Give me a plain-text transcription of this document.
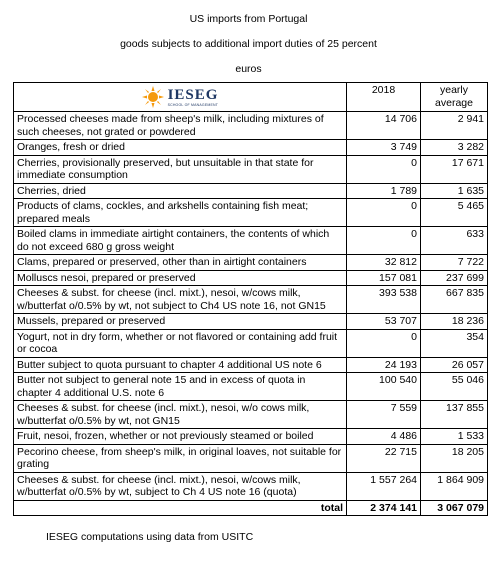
US imports from Portugal
goods subjects to additional import duties of 25 percent
euros
IESEG
SCHOOL OF MANAGEMENT	2018	yearly average
Processed cheeses made from sheep's milk, including mixtures of such cheeses, not grated or powdered	14 706	2 941
Oranges, fresh or dried	3 749	3 282
Cherries, provisionally preserved, but unsuitable in that state for immediate consumption	0	17 671
Cherries, dried	1 789	1 635
Products of clams, cockles, and arkshells containing fish meat; prepared meals	0	5 465
Boiled clams in immediate airtight containers, the contents of which do not exceed 680 g gross weight	0	633
Clams, prepared or preserved, other than in airtight containers	32 812	7 722
Molluscs nesoi, prepared or preserved	157 081	237 699
Cheeses & subst. for cheese (incl. mixt.), nesoi, w/cows milk, w/butterfat o/0.5% by wt, not subject to Ch4 US note 16, not GN15	393 538	667 835
Mussels, prepared or preserved	53 707	18 236
Yogurt, not in dry form, whether or not flavored or containing add fruit or cocoa	0	354
Butter subject to quota pursuant to chapter 4 additional US note 6	24 193	26 057
Butter not subject to general note 15 and in excess of quota in chapter 4 additional U.S. note 6	100 540	55 046
Cheeses & subst. for cheese (incl. mixt.), nesoi, w/o cows milk, w/butterfat o/0.5% by wt, not GN15	7 559	137 855
Fruit, nesoi, frozen, whether or not previously steamed or boiled	4 486	1 533
Pecorino cheese, from sheep's milk, in original loaves, not suitable for grating	22 715	18 205
Cheeses & subst. for cheese (incl. mixt.), nesoi, w/cows milk, w/butterfat o/0.5% by wt, subject to Ch 4 US note 16 (quota)	1 557 264	1 864 909
total	2 374 141	3 067 079
IESEG computations using data from USITC
